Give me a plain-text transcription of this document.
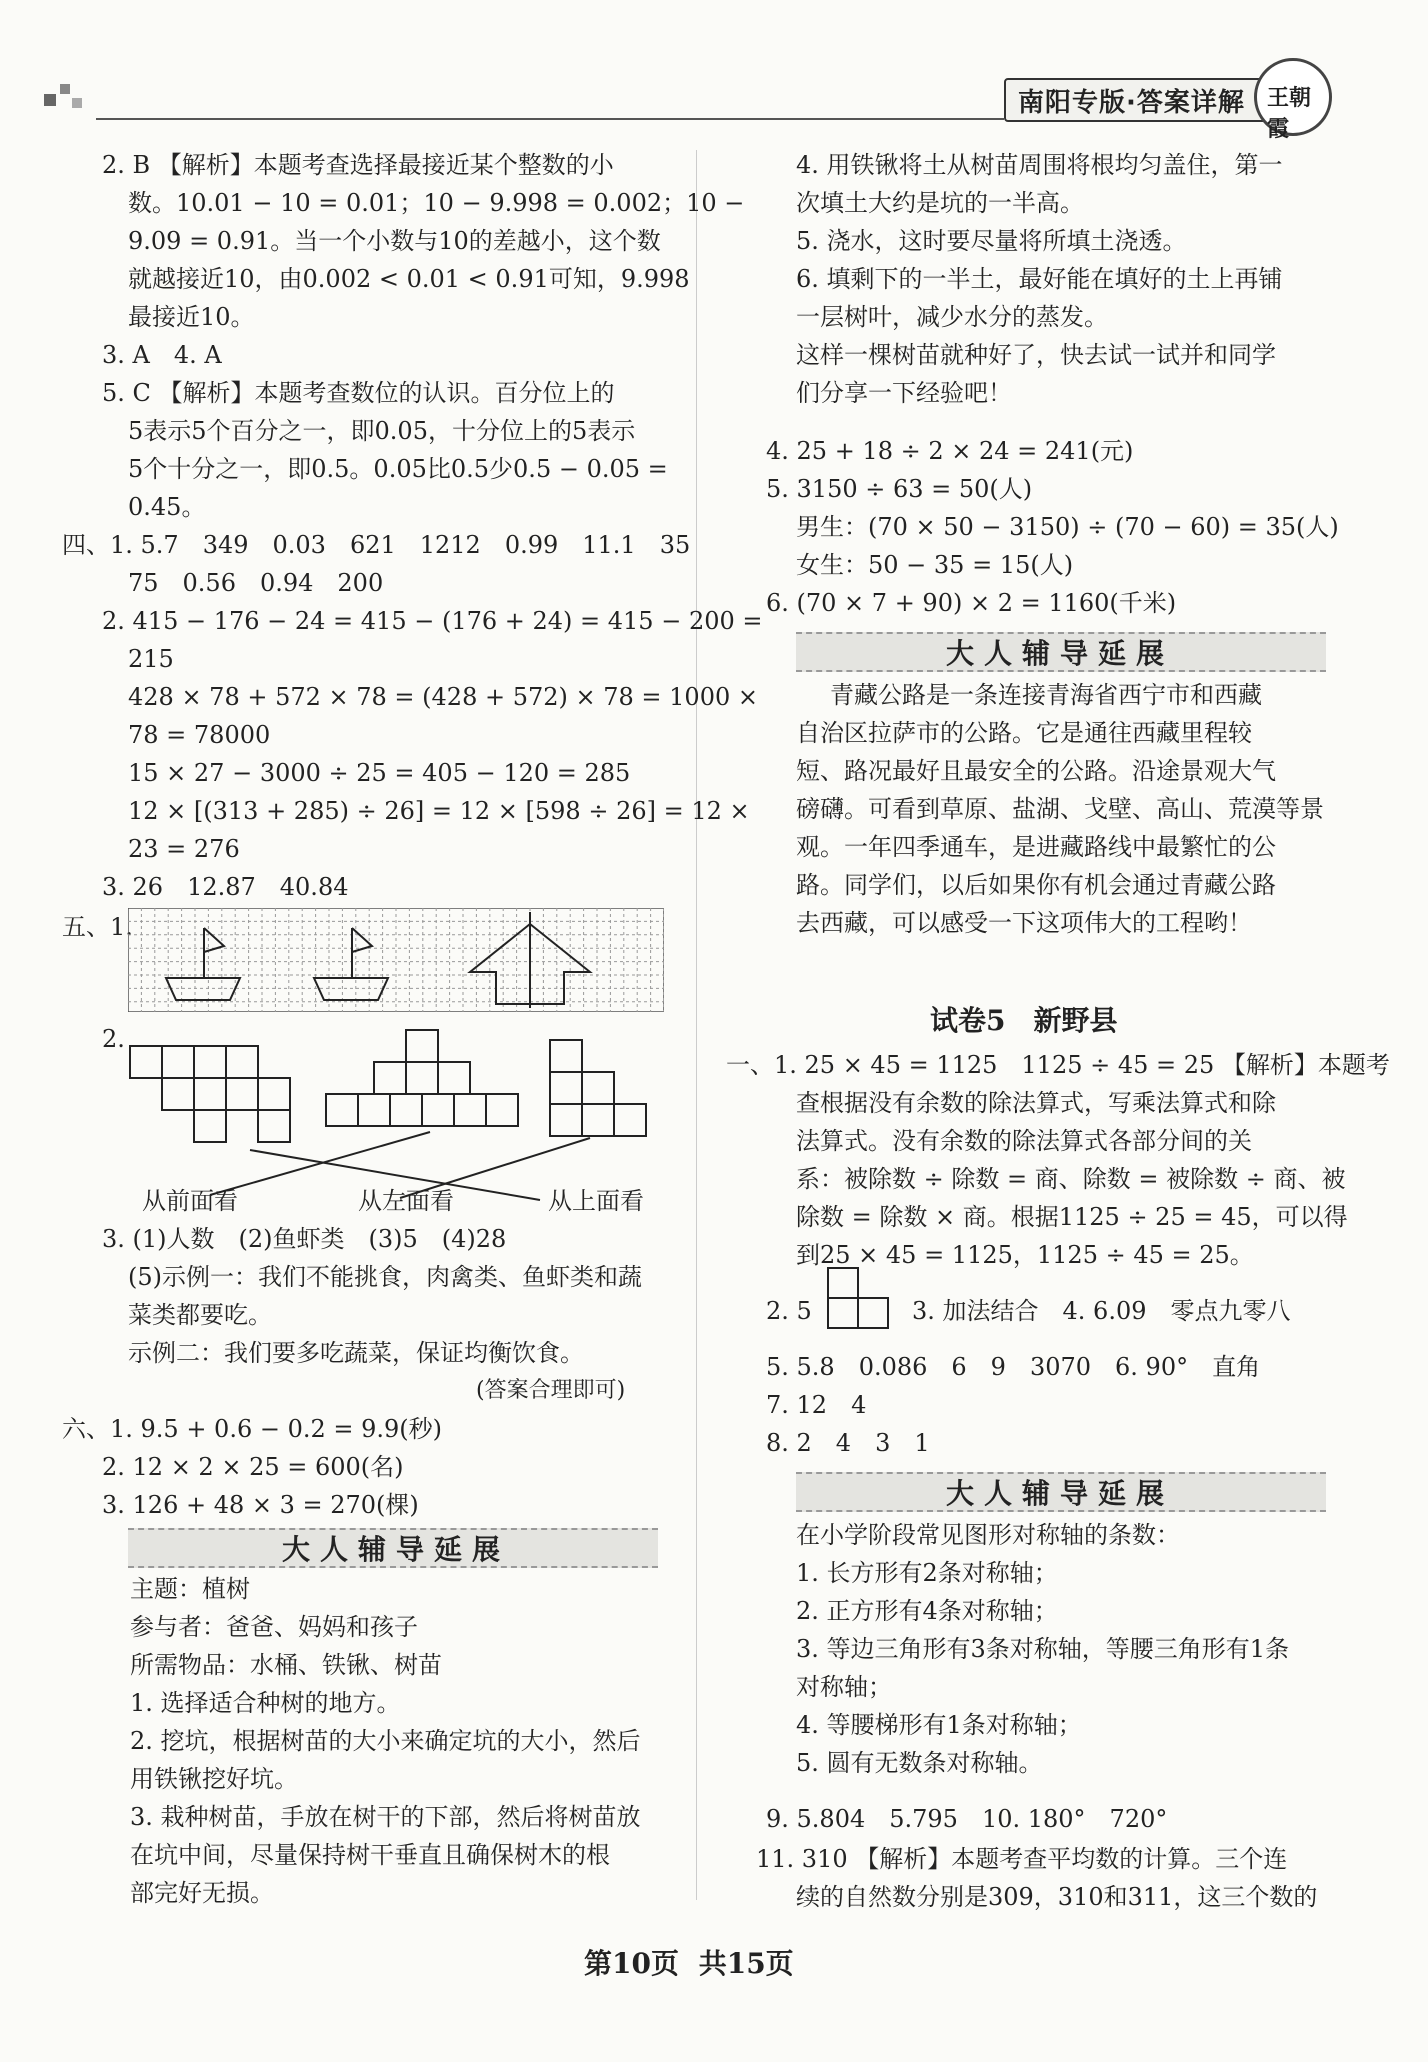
南阳专版·答案详解 王朝霞
2. B 【解析】本题考查选择最接近某个整数的小
数。10.01 − 10 = 0.01；10 − 9.998 = 0.002；10 −
9.09 = 0.91。当一个小数与10的差越小，这个数
就越接近10，由0.002 < 0.01 < 0.91可知，9.998
最接近10。
3. A　4. A
5. C 【解析】本题考查数位的认识。百分位上的
5表示5个百分之一，即0.05，十分位上的5表示
5个十分之一，即0.5。0.05比0.5少0.5 − 0.05 =
0.45。
四、1. 5.7　349　0.03　621　1212　0.99　11.1　35
75　0.56　0.94　200
2. 415 − 176 − 24 = 415 − (176 + 24) = 415 − 200 =
215
428 × 78 + 572 × 78 = (428 + 572) × 78 = 1000 ×
78 = 78000
15 × 27 − 3000 ÷ 25 = 405 − 120 = 285
12 × [(313 + 285) ÷ 26] = 12 × [598 ÷ 26] = 12 ×
23 = 276
3. 26　12.87　40.84
五、1.
2.
从前面看	从左面看	从上面看
3. (1)人数　(2)鱼虾类　(3)5　(4)28
(5)示例一：我们不能挑食，肉禽类、鱼虾类和蔬
菜类都要吃。
示例二：我们要多吃蔬菜，保证均衡饮食。
(答案合理即可)
六、1. 9.5 + 0.6 − 0.2 = 9.9(秒)
2. 12 × 2 × 25 = 600(名)
3. 126 + 48 × 3 = 270(棵)
大人辅导延展
主题：植树
参与者：爸爸、妈妈和孩子
所需物品：水桶、铁锹、树苗
1. 选择适合种树的地方。
2. 挖坑，根据树苗的大小来确定坑的大小，然后
用铁锹挖好坑。
3. 栽种树苗，手放在树干的下部，然后将树苗放
在坑中间，尽量保持树干垂直且确保树木的根
部完好无损。
4. 用铁锹将土从树苗周围将根均匀盖住，第一
次填土大约是坑的一半高。
5. 浇水，这时要尽量将所填土浇透。
6. 填剩下的一半土，最好能在填好的土上再铺
一层树叶，减少水分的蒸发。
这样一棵树苗就种好了，快去试一试并和同学
们分享一下经验吧！
4. 25 + 18 ÷ 2 × 24 = 241(元)
5. 3150 ÷ 63 = 50(人)
男生：(70 × 50 − 3150) ÷ (70 − 60) = 35(人)
女生：50 − 35 = 15(人)
6. (70 × 7 + 90) × 2 = 1160(千米)
大人辅导延展
青藏公路是一条连接青海省西宁市和西藏
自治区拉萨市的公路。它是通往西藏里程较
短、路况最好且最安全的公路。沿途景观大气
磅礴。可看到草原、盐湖、戈壁、高山、荒漠等景
观。一年四季通车，是进藏路线中最繁忙的公
路。同学们，以后如果你有机会通过青藏公路
去西藏，可以感受一下这项伟大的工程哟！
试卷5　新野县
一、1. 25 × 45 = 1125　1125 ÷ 45 = 25 【解析】本题考
查根据没有余数的除法算式，写乘法算式和除
法算式。没有余数的除法算式各部分间的关
系：被除数 ÷ 除数 = 商、除数 = 被除数 ÷ 商、被
除数 = 除数 × 商。根据1125 ÷ 25 = 45，可以得
到25 × 45 = 1125，1125 ÷ 45 = 25。
2. 5	3. 加法结合　4. 6.09　零点九零八
5. 5.8　0.086　6　9　3070　6. 90°　直角
7. 12　4
8. 2　4　3　1
大人辅导延展
在小学阶段常见图形对称轴的条数：
1. 长方形有2条对称轴；
2. 正方形有4条对称轴；
3. 等边三角形有3条对称轴，等腰三角形有1条
对称轴；
4. 等腰梯形有1条对称轴；
5. 圆有无数条对称轴。
9. 5.804　5.795　10. 180°　720°
11. 310 【解析】本题考查平均数的计算。三个连
续的自然数分别是309，310和311，这三个数的
第10页 共15页
